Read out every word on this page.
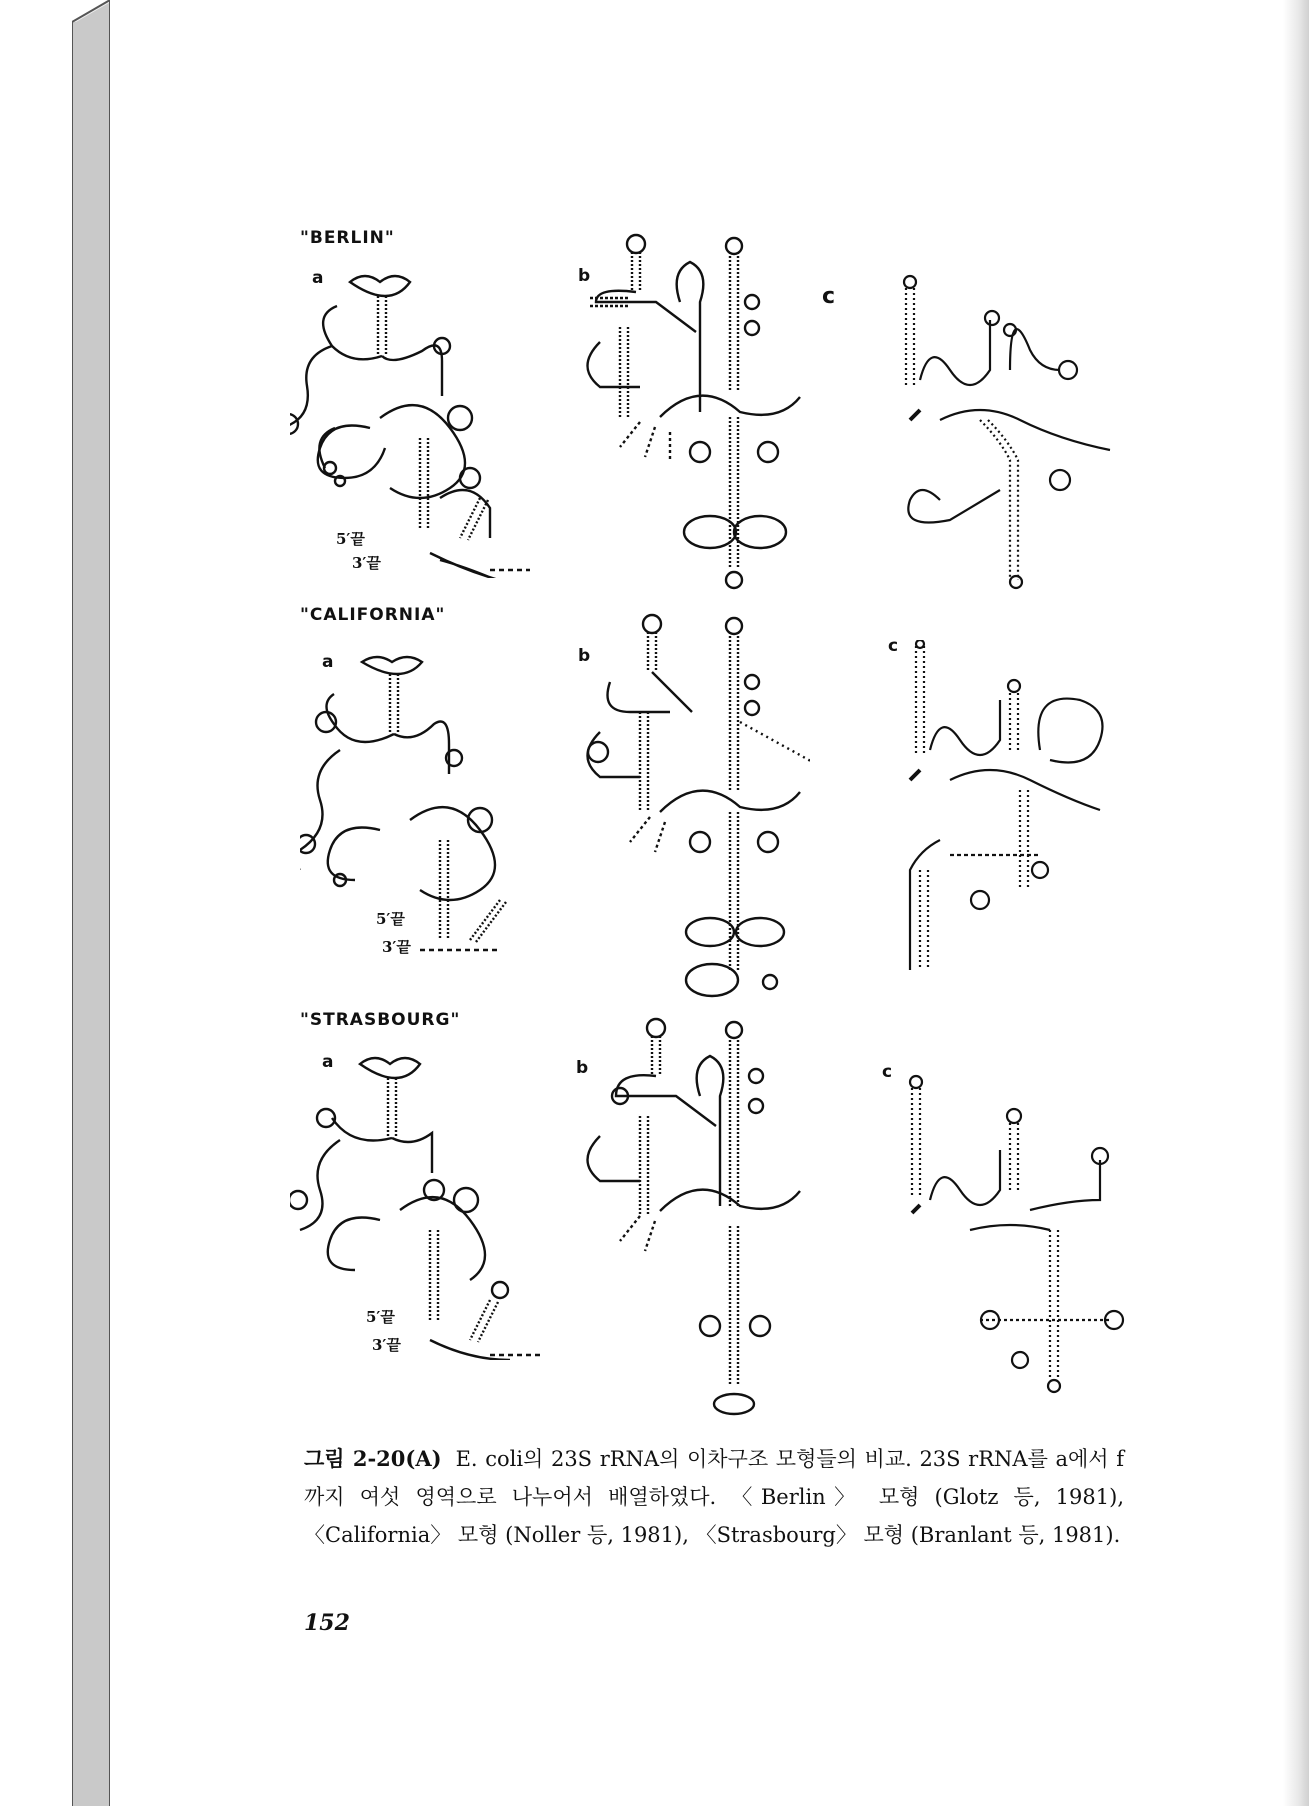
"BERLIN"
a	b
c
5′끝
3′끝
"CALIFORNIA"
a	b	c
5′끝
3′끝
"STRASBOURG"
a	b	c
5′끝
3′끝
그림 2-20(A) E. coli의 23S rRNA의 이차구조 모형들의 비교. 23S rRNA를 a에서 f까지 여섯 영역으로 나누어서 배열하였다. 〈Berlin〉 모형 (Glotz 등, 1981), 〈California〉 모형 (Noller 등, 1981), 〈Strasbourg〉 모형 (Branlant 등, 1981).
152
